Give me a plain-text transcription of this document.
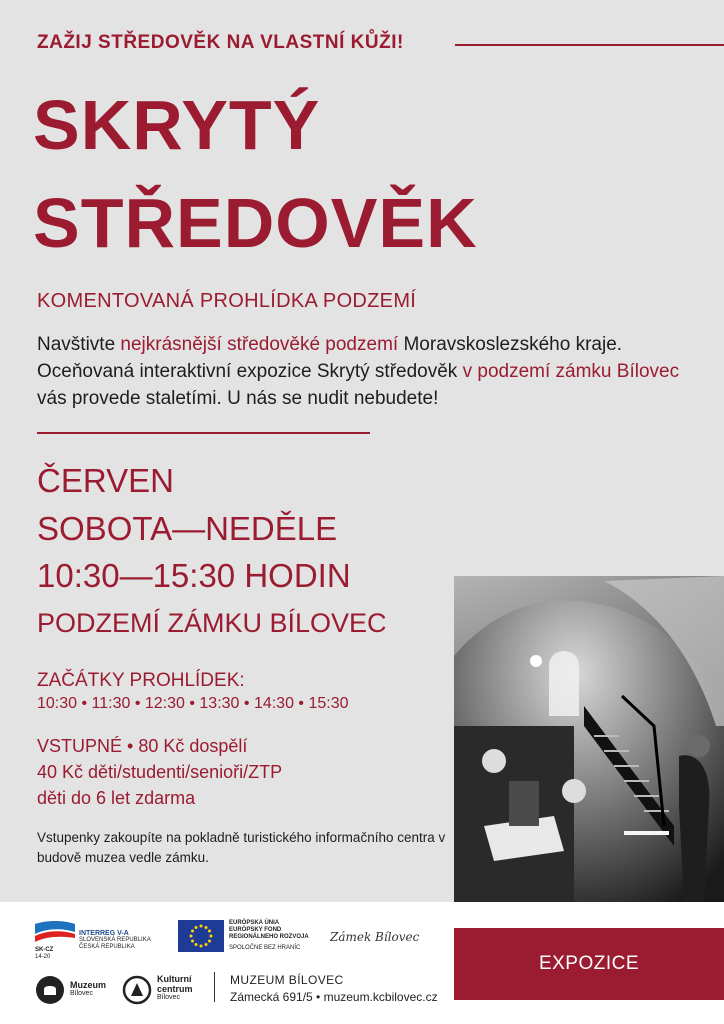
ZAŽIJ STŘEDOVĚK NA VLASTNÍ KŮŽI!
SKRYTÝ
STŘEDOVĚK
KOMENTOVANÁ PROHLÍDKA PODZEMÍ
Navštivte nejkrásnější středověké podzemí Moravskoslezského kraje. Oceňovaná interaktivní expozice Skrytý středověk v podzemí zámku Bílovec vás provede staletími. U nás se nudit nebudete!
ČERVEN
SOBOTA—NEDĚLE
10:30—15:30 HODIN
PODZEMÍ ZÁMKU BÍLOVEC
ZAČÁTKY PROHLÍDEK:
10:30 • 11:30 • 12:30 • 13:30 • 14:30 • 15:30
VSTUPNÉ • 80 Kč dospělí
40 Kč děti/studenti/senioři/ZTP
děti do 6 let zdarma
Vstupenky zakoupíte na pokladně turistického informačního centra v budově muzea vedle zámku.
SK-CZ
14-20
INTERREG V-A
SLOVENSKÁ REPUBLIKA
ČESKÁ REPUBLIKA
EURÓPSKA ÚNIA
EURÓPSKY FOND
REGIONÁLNEHO ROZVOJA
SPOLOČNE BEZ HRANÍC
Zámek Bílovec
Muzeum
Bílovec
Kulturní
centrum
Bílovec
MUZEUM BÍLOVEC
Zámecká 691/5 • muzeum.kcbilovec.cz
EXPOZICE
